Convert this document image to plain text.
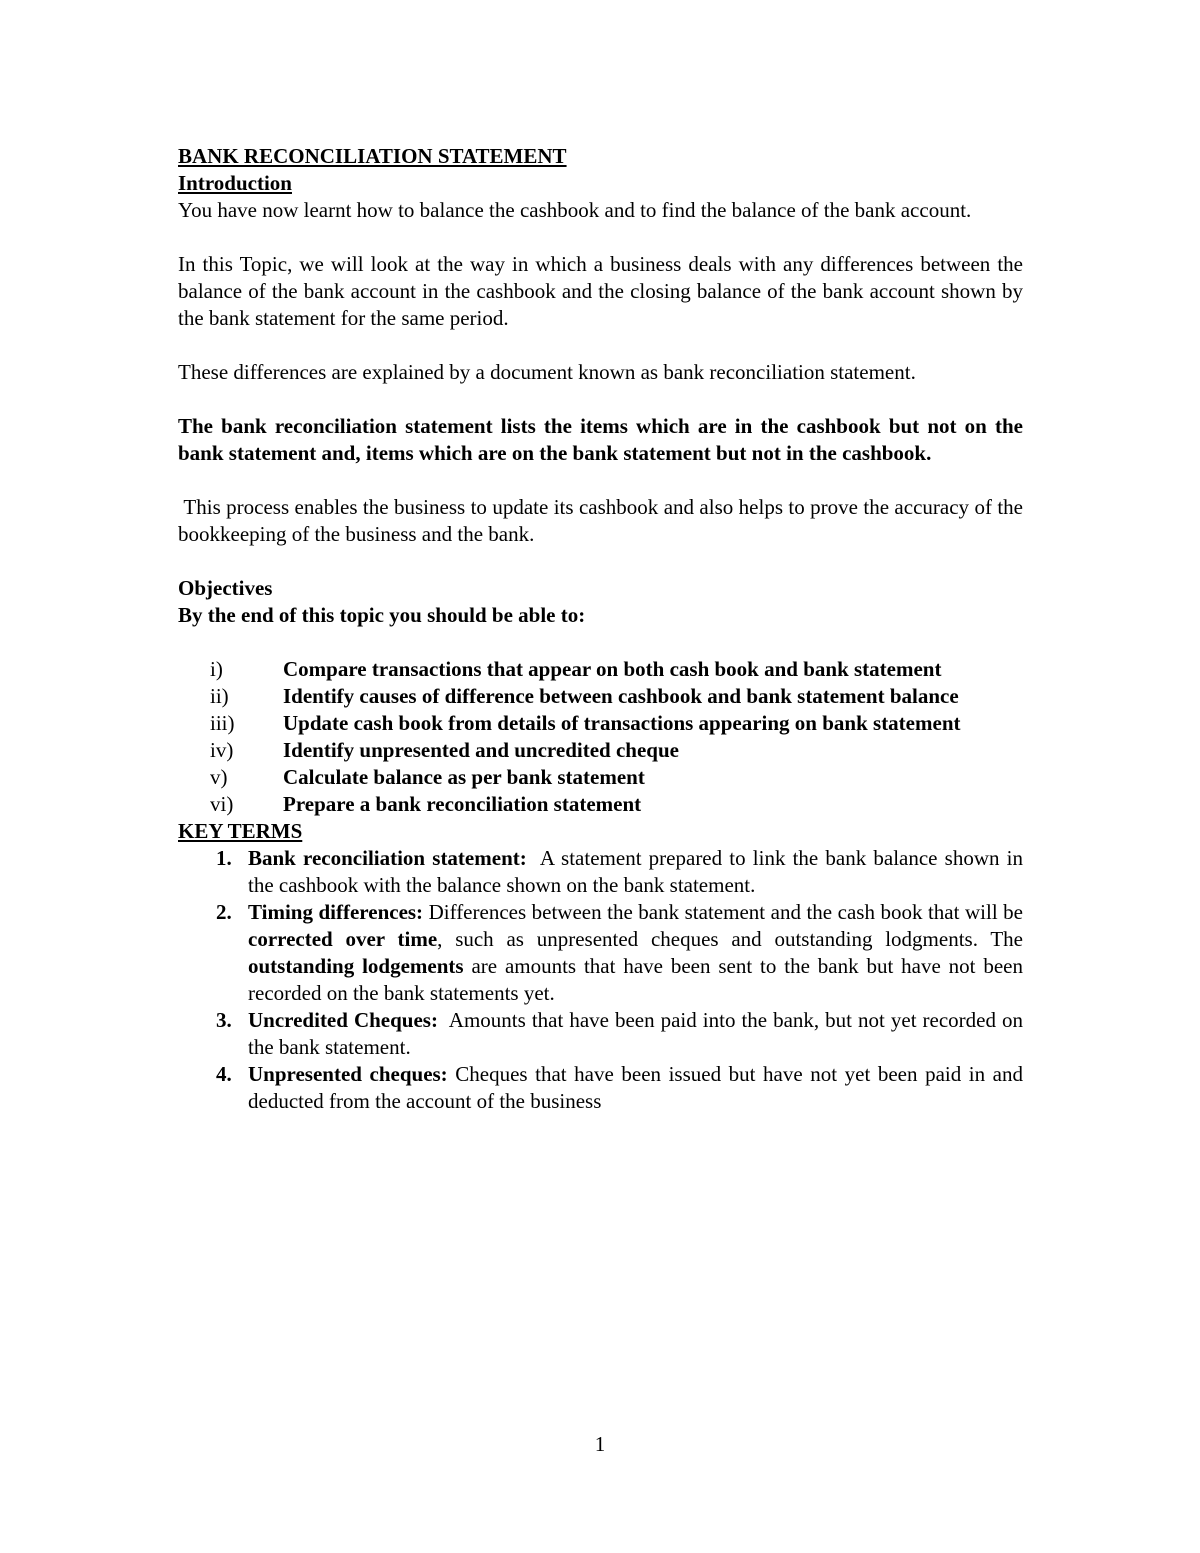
BANK RECONCILIATION STATEMENT

Introduction

You have now learnt how to balance the cashbook and to find the balance of the bank account.

In this Topic, we will look at the way in which a business deals with any differences between the balance of the bank account in the cashbook and the closing balance of the bank account shown by the bank statement for the same period.

These differences are explained by a document known as bank reconciliation statement.

The bank reconciliation statement lists the items which are in the cashbook but not on the bank statement and, items which are on the bank statement but not in the cashbook.

This process enables the business to update its cashbook and also helps to prove the accuracy of the bookkeeping of the business and the bank.

Objectives

By the end of this topic you should be able to:

i)	Compare transactions that appear on both cash book and bank statement
ii)	Identify causes of difference between cashbook and bank statement balance
iii)	Update cash book from details of transactions appearing on bank statement
iv)	Identify unpresented and uncredited cheque
v)	Calculate balance as per bank statement
vi)	Prepare a bank reconciliation statement

KEY TERMS

1. Bank reconciliation statement:  A statement prepared to link the bank balance shown in the cashbook with the balance shown on the bank statement.
2. Timing differences: Differences between the bank statement and the cash book that will be corrected over time, such as unpresented cheques and outstanding lodgments. The outstanding lodgements are amounts that have been sent to the bank but have not been recorded on the bank statements yet.
3. Uncredited Cheques:  Amounts that have been paid into the bank, but not yet recorded on the bank statement.
4. Unpresented cheques: Cheques that have been issued but have not yet been paid in and deducted from the account of the business
1
